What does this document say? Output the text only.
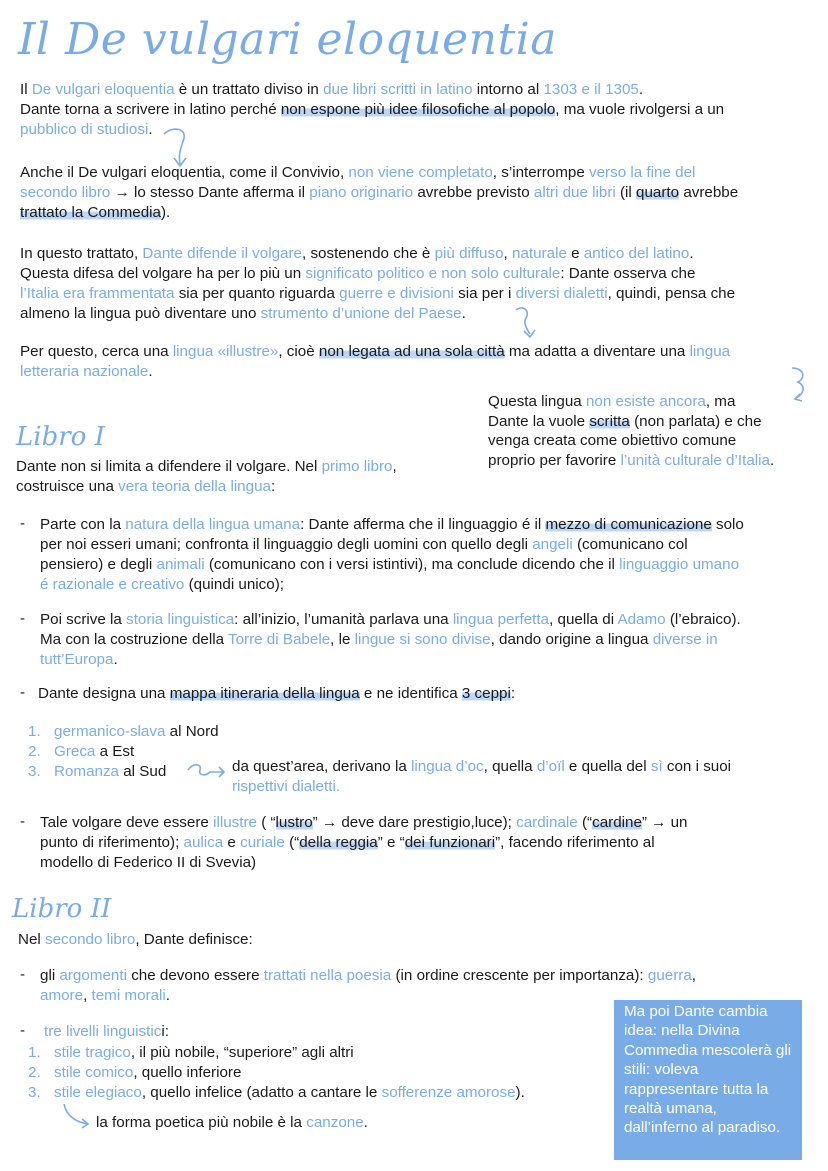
Il De vulgari eloquentia
Il De vulgari eloquentia è un trattato diviso in due libri scritti in latino intorno al 1303 e il 1305.
Dante torna a scrivere in latino perché non espone più idee filosofiche al popolo, ma vuole rivolgersi a un
pubblico di studiosi.
Anche il De vulgari eloquentia, come il Convivio, non viene completato, s’interrompe verso la fine del
secondo libro → lo stesso Dante afferma il piano originario avrebbe previsto altri due libri (il quarto avrebbe
trattato la Commedia).
In questo trattato, Dante difende il volgare, sostenendo che è più diffuso, naturale e antico del latino.
Questa difesa del volgare ha per lo più un significato politico e non solo culturale: Dante osserva che
l’Italia era frammentata sia per quanto riguarda guerre e divisioni sia per i diversi dialetti, quindi, pensa che
almeno la lingua può diventare uno strumento d’unione del Paese.
Per questo, cerca una lingua «illustre», cioè non legata ad una sola città ma adatta a diventare una lingua
letteraria nazionale.
Questa lingua non esiste ancora, ma
Dante la vuole scritta (non parlata) e che
venga creata come obiettivo comune
proprio per favorire l’unità culturale d’Italia.
Libro I
Dante non si limita a difendere il volgare. Nel primo libro,
costruisce una vera teoria della lingua:
- Parte con la natura della lingua umana: Dante afferma che il linguaggio é il mezzo di comunicazione solo
per noi esseri umani; confronta il linguaggio degli uomini con quello degli angeli (comunicano col
pensiero) e degli animali (comunicano con i versi istintivi), ma conclude dicendo che il linguaggio umano
é razionale e creativo (quindi unico);
- Poi scrive la storia linguistica: all’inizio, l’umanità parlava una lingua perfetta, quella di Adamo (l’ebraico).
Ma con la costruzione della Torre di Babele, le lingue si sono divise, dando origine a lingua diverse in
tutt’Europa.
- Dante designa una mappa itineraria della lingua e ne identifica 3 ceppi:
1. germanico-slava al Nord
2. Greca a Est
3. Romanza al Sud	da quest’area, derivano la lingua d’oc, quella d’oïl e quella del sì con i suoi
rispettivi dialetti.
- Tale volgare deve essere illustre ( “lustro” → deve dare prestigio,luce); cardinale (“cardine” → un
punto di riferimento); aulica e curiale (“della reggia” e “dei funzionari”, facendo riferimento al
modello di Federico II di Svevia)
Libro II
Nel secondo libro, Dante definisce:
- gli argomenti che devono essere trattati nella poesia (in ordine crescente per importanza): guerra,
amore, temi morali.
- tre livelli linguistici:
1. stile tragico, il più nobile, “superiore” agli altri
2. stile comico, quello inferiore
3. stile elegiaco, quello infelice (adatto a cantare le sofferenze amorose).
la forma poetica più nobile è la canzone.
Ma poi Dante cambia idea: nella Divina Commedia mescolerà gli stili: voleva rappresentare tutta la realtà umana, dall’inferno al paradiso.
